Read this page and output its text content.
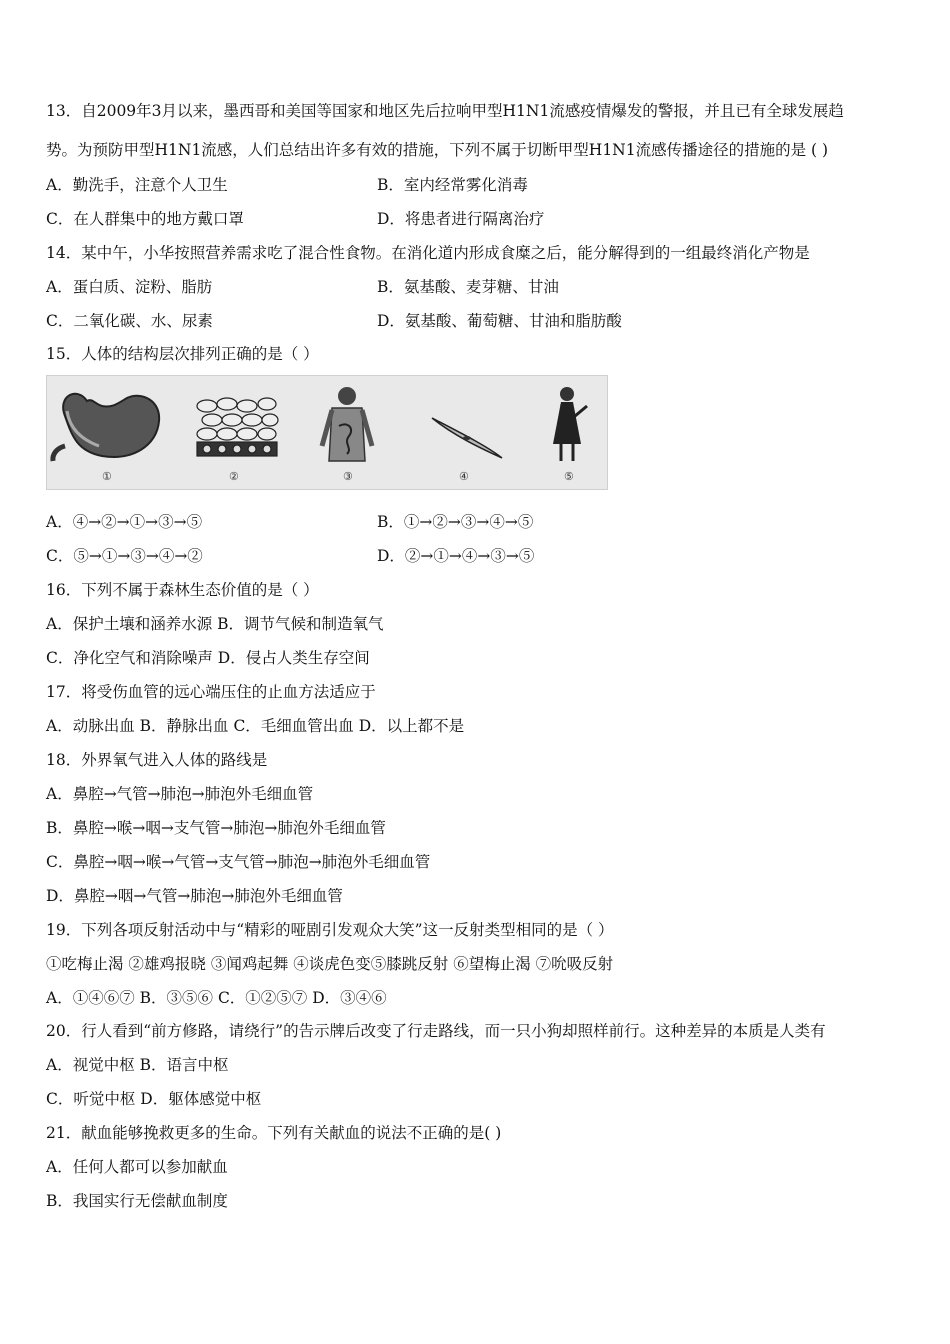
13．自2009年3月以来，墨西哥和美国等国家和地区先后拉响甲型H1N1流感疫情爆发的警报，并且已有全球发展趋
势。为预防甲型H1N1流感，人们总结出许多有效的措施，下列不属于切断甲型H1N1流感传播途径的措施的是 ( )
A．勤洗手，注意个人卫生	B．室内经常雾化消毒
C．在人群集中的地方戴口罩	D．将患者进行隔离治疗
14．某中午，小华按照营养需求吃了混合性食物。在消化道内形成食糜之后，能分解得到的一组最终消化产物是
A．蛋白质、淀粉、脂肪	B．氨基酸、麦芽糖、甘油
C．二氧化碳、水、尿素	D．氨基酸、葡萄糖、甘油和脂肪酸
15．人体的结构层次排列正确的是（ ）
①	②	③	④	⑤
A．④→②→①→③→⑤	B．①→②→③→④→⑤
C．⑤→①→③→④→②	D．②→①→④→③→⑤
16．下列不属于森林生态价值的是（ ）
A．保护土壤和涵养水源 B．调节气候和制造氧气
C．净化空气和消除噪声 D．侵占人类生存空间
17．将受伤血管的远心端压住的止血方法适应于
A．动脉出血 B．静脉出血 C．毛细血管出血 D．以上都不是
18．外界氧气进入人体的路线是
A．鼻腔→气管→肺泡→肺泡外毛细血管
B．鼻腔→喉→咽→支气管→肺泡→肺泡外毛细血管
C．鼻腔→咽→喉→气管→支气管→肺泡→肺泡外毛细血管
D．鼻腔→咽→气管→肺泡→肺泡外毛细血管
19．下列各项反射活动中与“精彩的哑剧引发观众大笑”这一反射类型相同的是（ ）
①吃梅止渴 ②雄鸡报晓 ③闻鸡起舞 ④谈虎色变⑤膝跳反射 ⑥望梅止渴 ⑦吮吸反射
A．①④⑥⑦ B．③⑤⑥ C．①②⑤⑦ D．③④⑥
20．行人看到“前方修路，请绕行”的告示牌后改变了行走路线，而一只小狗却照样前行。这种差异的本质是人类有
A．视觉中枢 B．语言中枢
C．听觉中枢 D．躯体感觉中枢
21．献血能够挽救更多的生命。下列有关献血的说法不正确的是( )
A．任何人都可以参加献血
B．我国实行无偿献血制度
